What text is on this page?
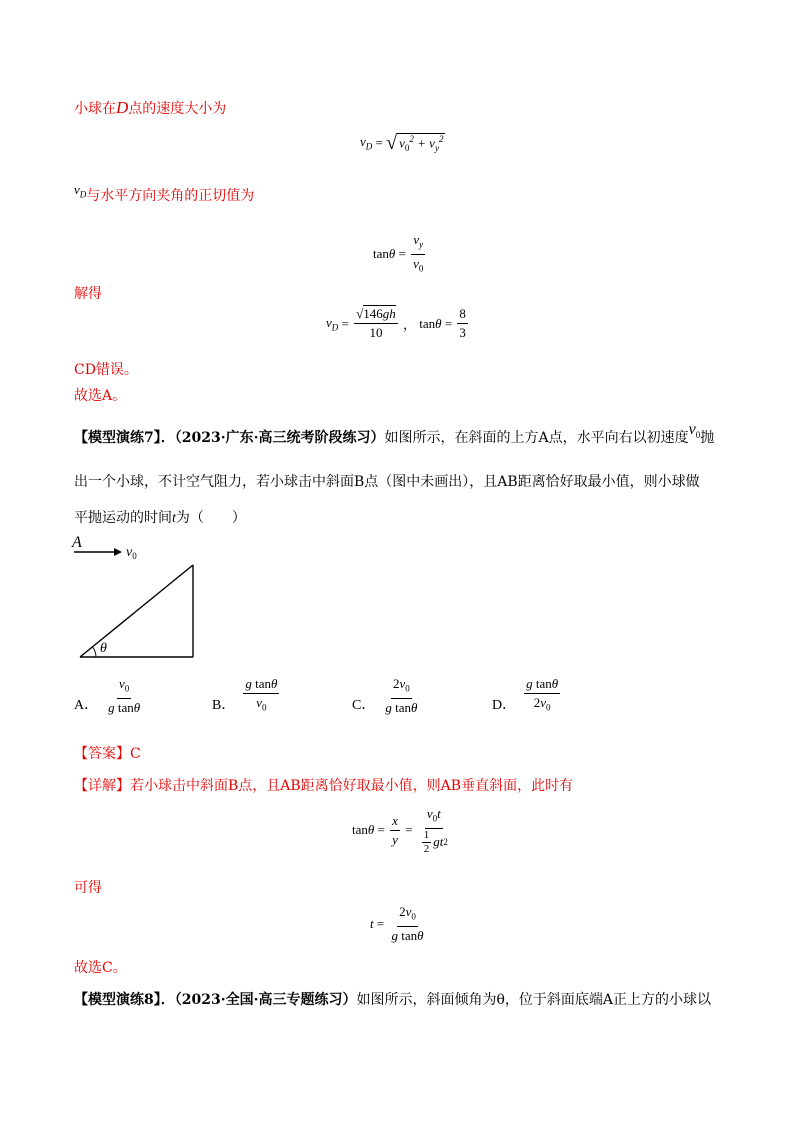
小球在D点的速度大小为
$v_D$ = √ $v_0^2 + v_y^2$
$v_D$与水平方向夹角的正切值为
$\tan \theta = \frac{v_y}{v_0}$
解得
$v_D = \frac{√146gh}{10}$ ， $\tan \theta = \frac{8}{3}$
CD错误。
故选A。
【模型演练7】．（2023·广东·高三统考阶段练习）如图所示，在斜面的上方A点，水平向右以初速度$v_0$抛
出一个小球，不计空气阻力，若小球击中斜面B点（图中未画出），且AB距离恰好取最小值，则小球做
平抛运动的时间t为（　　）
A
$v_0$
θ
A． $\frac{v_0}{\text{g tanθ}}$	B． $\frac{\text{g tanθ}}{v_0}$	C． $\frac{2v_0}{\text{g tanθ}}$	D． $\frac{\text{g tanθ}}{2v_0}$
【答案】C
【详解】若小球击中斜面B点，且AB距离恰好取最小值，则AB垂直斜面，此时有
$\tan \theta = \frac{x}{y} = \frac{v_0t}{\frac{1}{2} gt 2}$
可得
$t = \frac{2v_0}{\text{g tanθ}}$
故选C。
【模型演练8】．（2023·全国·高三专题练习）如图所示，斜面倾角为θ，位于斜面底端A正上方的小球以
